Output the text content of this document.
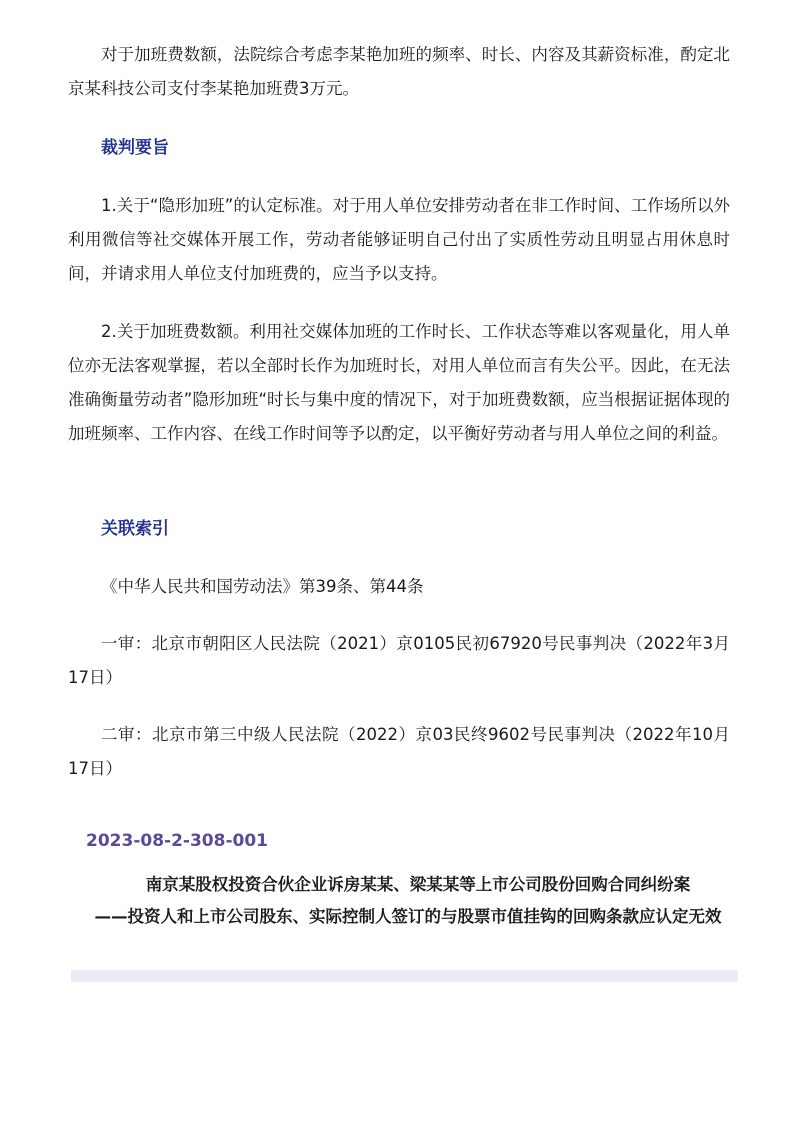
对于加班费数额，法院综合考虑李某艳加班的频率、时长、内容及其薪资标准，酌定北京某科技公司支付李某艳加班费3万元。

裁判要旨

1.关于“隐形加班”的认定标准。对于用人单位安排劳动者在非工作时间、工作场所以外利用微信等社交媒体开展工作，劳动者能够证明自己付出了实质性劳动且明显占用休息时间，并请求用人单位支付加班费的，应当予以支持。

2.关于加班费数额。利用社交媒体加班的工作时长、工作状态等难以客观量化，用人单位亦无法客观掌握，若以全部时长作为加班时长，对用人单位而言有失公平。因此，在无法准确衡量劳动者”隐形加班“时长与集中度的情况下，对于加班费数额，应当根据证据体现的加班频率、工作内容、在线工作时间等予以酌定，以平衡好劳动者与用人单位之间的利益。

关联索引

《中华人民共和国劳动法》第39条、第44条

一审：北京市朝阳区人民法院（2021）京0105民初67920号民事判决（2022年3月17日）

二审：北京市第三中级人民法院（2022）京03民终9602号民事判决（2022年10月17日）

2023-08-2-308-001
南京某股权投资合伙企业诉房某某、梁某某等上市公司股份回购合同纠纷案
——投资人和上市公司股东、实际控制人签订的与股票市值挂钩的回购条款应认定无效
